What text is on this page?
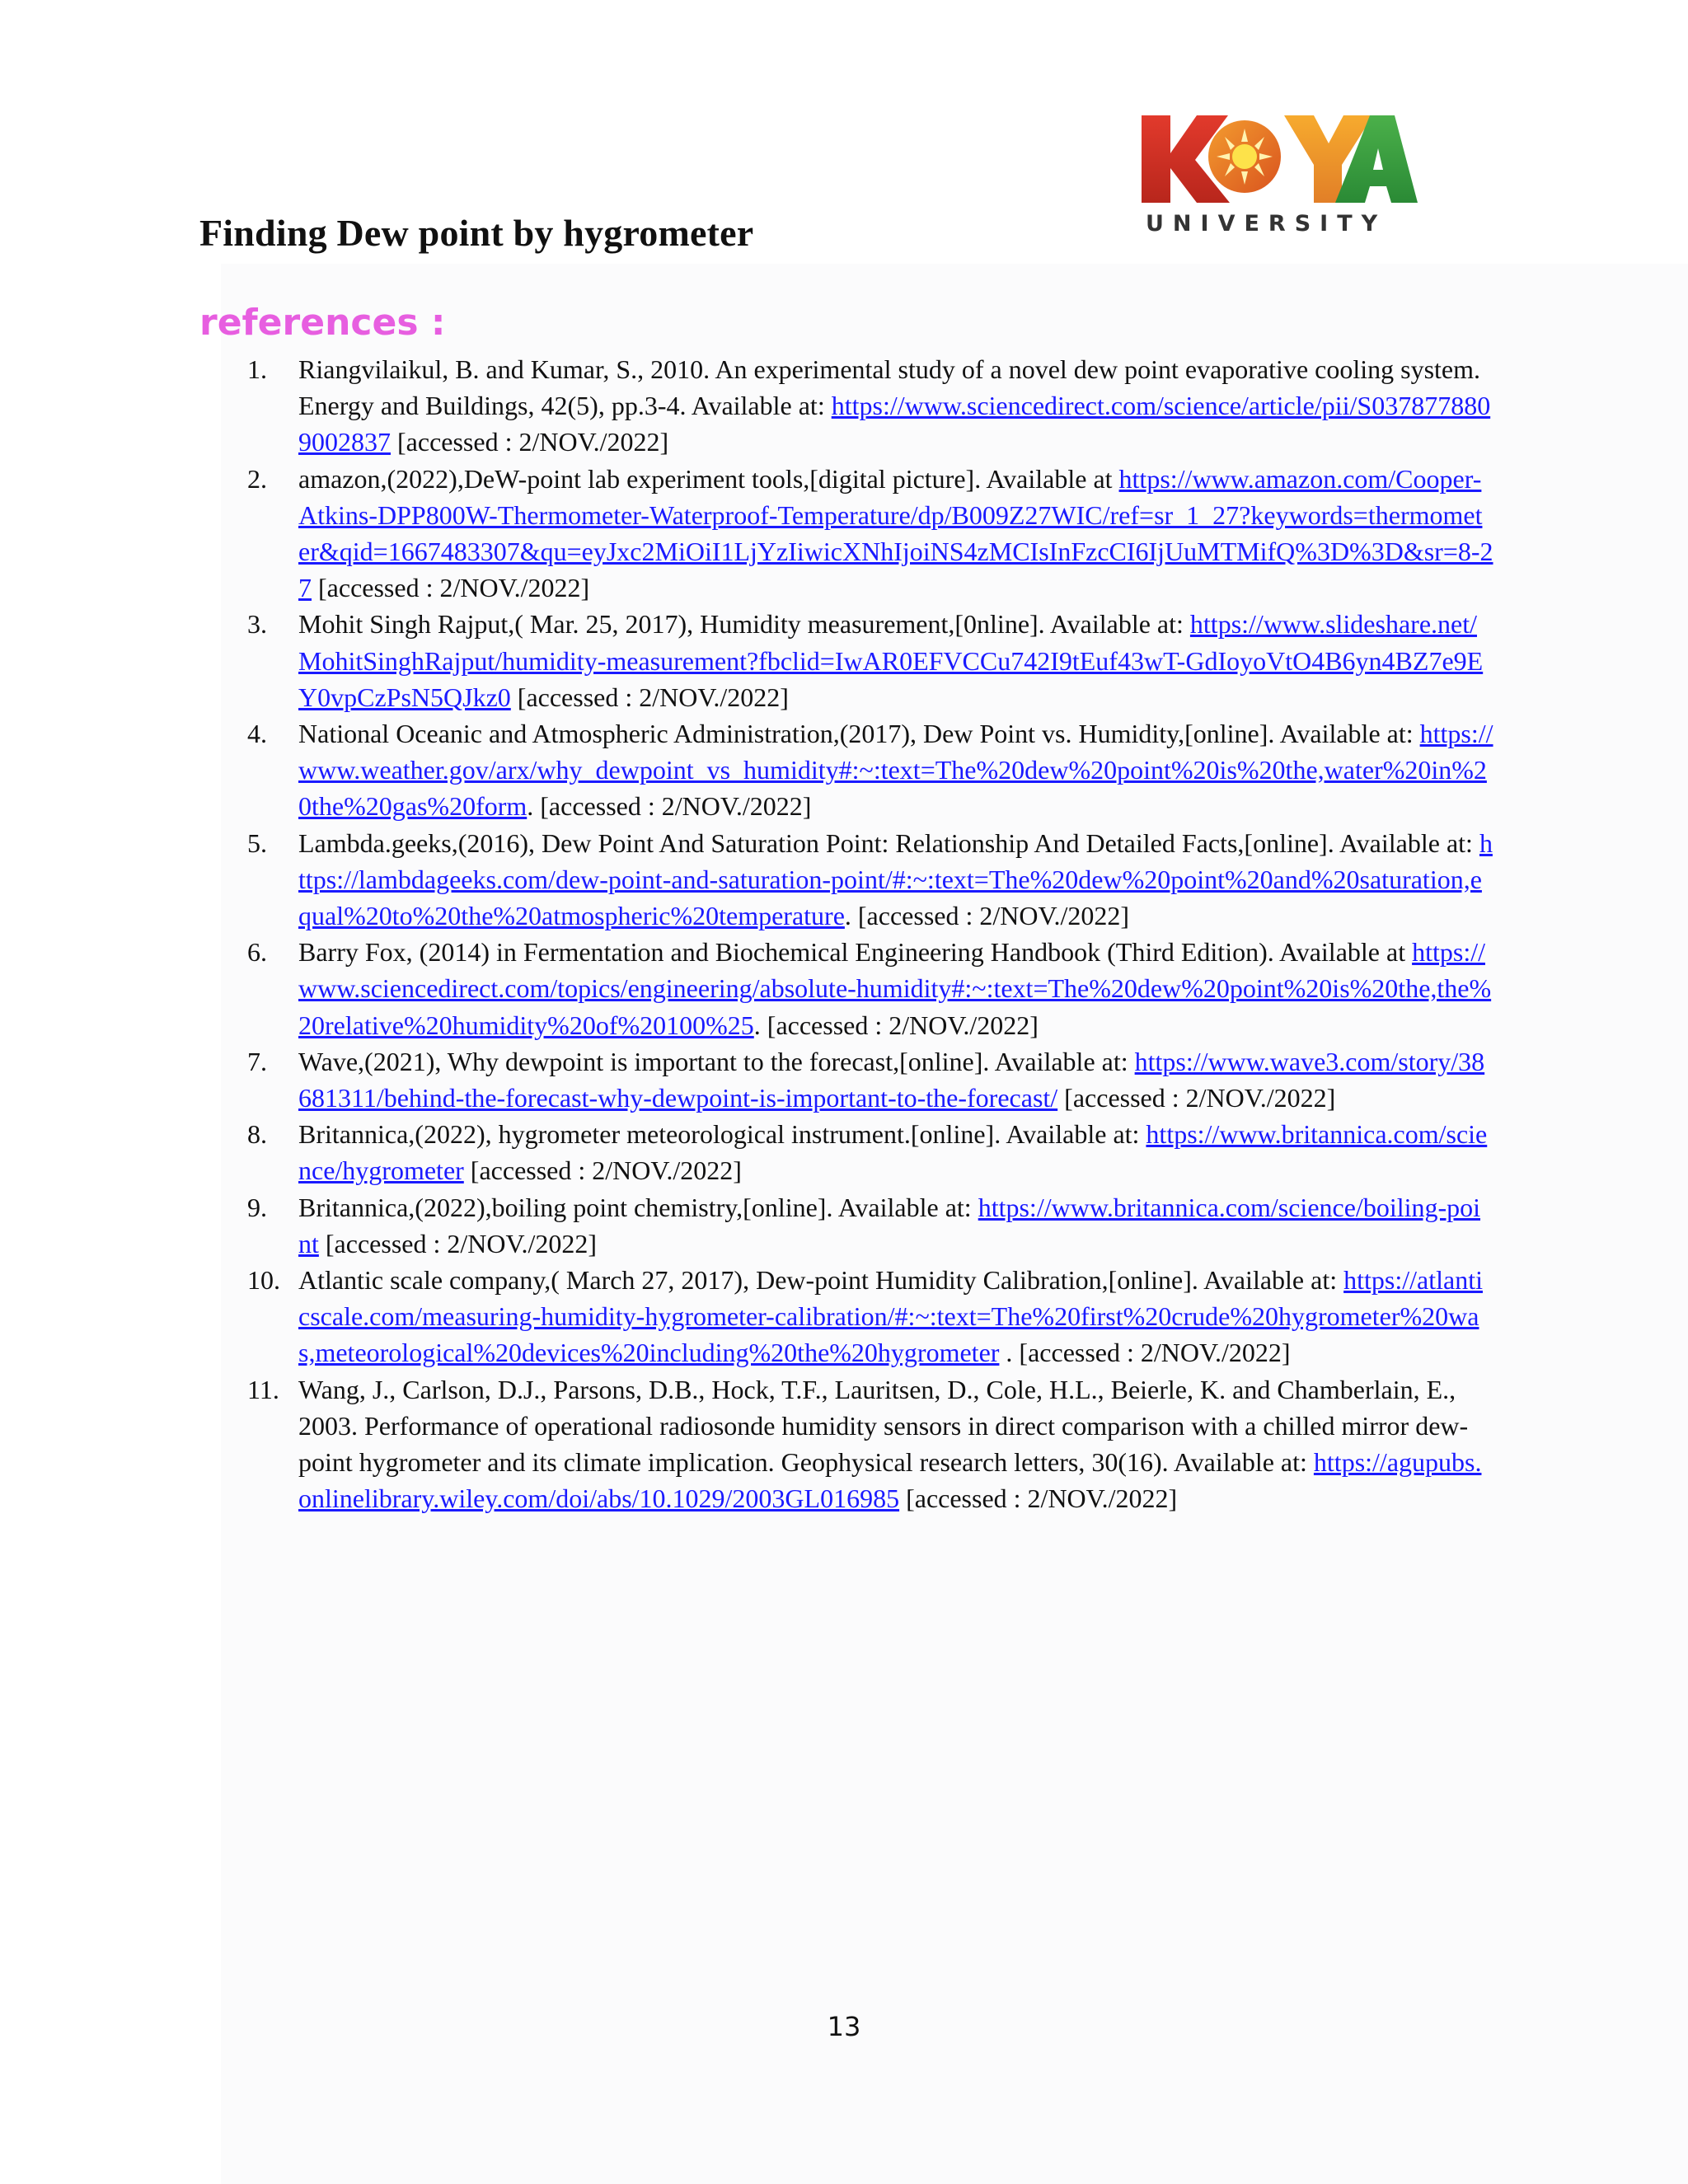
UNIVERSITY
Finding Dew point by hygrometer
references :
1.	Riangvilaikul, B. and Kumar, S., 2010. An experimental study of a novel dew point evaporative cooling system. Energy and Buildings, 42(5), pp.3-4. Available at: https://www.sciencedirect.com/science/article/pii/S0378778809002837 [accessed : 2/NOV./2022]
2.	amazon,(2022),DeW-point lab experiment tools,[digital picture]. Available at https://www.amazon.com/Cooper-Atkins-DPP800W-Thermometer-Waterproof-Temperature/dp/B009Z27WIC/ref=sr_1_27?keywords=thermometer&qid=1667483307&qu=eyJxc2MiOiI1LjYzIiwicXNhIjoiNS4zMCIsInFzcCI6IjUuMTMifQ%3D%3D&sr=8-27 [accessed : 2/NOV./2022]
3.	Mohit Singh Rajput,( Mar. 25, 2017), Humidity measurement,[0nline]. Available at: https://www.slideshare.net/MohitSinghRajput/humidity-measurement?fbclid=IwAR0EFVCCu742I9tEuf43wT-GdIoyoVtO4B6yn4BZ7e9EY0vpCzPsN5QJkz0 [accessed : 2/NOV./2022]
4.	National Oceanic and Atmospheric Administration,(2017), Dew Point vs. Humidity,[online]. Available at: https://www.weather.gov/arx/why_dewpoint_vs_humidity#:~:text=The%20dew%20point%20is%20the,water%20in%20the%20gas%20form. [accessed : 2/NOV./2022]
5.	Lambda.geeks,(2016), Dew Point And Saturation Point: Relationship And Detailed Facts,[online]. Available at: https://lambdageeks.com/dew-point-and-saturation-point/#:~:text=The%20dew%20point%20and%20saturation,equal%20to%20the%20atmospheric%20temperature. [accessed : 2/NOV./2022]
6.	Barry Fox, (2014) in Fermentation and Biochemical Engineering Handbook (Third Edition). Available at https://www.sciencedirect.com/topics/engineering/absolute-humidity#:~:text=The%20dew%20point%20is%20the,the%20relative%20humidity%20of%20100%25. [accessed : 2/NOV./2022]
7.	Wave,(2021), Why dewpoint is important to the forecast,[online]. Available at: https://www.wave3.com/story/38681311/behind-the-forecast-why-dewpoint-is-important-to-the-forecast/ [accessed : 2/NOV./2022]
8.	Britannica,(2022), hygrometer meteorological instrument.[online]. Available at: https://www.britannica.com/science/hygrometer [accessed : 2/NOV./2022]
9.	Britannica,(2022),boiling point chemistry,[online]. Available at: https://www.britannica.com/science/boiling-point [accessed : 2/NOV./2022]
10. Atlantic scale company,( March 27, 2017), Dew-point Humidity Calibration,[online]. Available at: https://atlanticscale.com/measuring-humidity-hygrometer-calibration/#:~:text=The%20first%20crude%20hygrometer%20was,meteorological%20devices%20including%20the%20hygrometer . [accessed : 2/NOV./2022]
11. Wang, J., Carlson, D.J., Parsons, D.B., Hock, T.F., Lauritsen, D., Cole, H.L., Beierle, K. and Chamberlain, E., 2003. Performance of operational radiosonde humidity sensors in direct comparison with a chilled mirror dew-point hygrometer and its climate implication. Geophysical research letters, 30(16). Available at: https://agupubs.onlinelibrary.wiley.com/doi/abs/10.1029/2003GL016985 [accessed : 2/NOV./2022]
13
